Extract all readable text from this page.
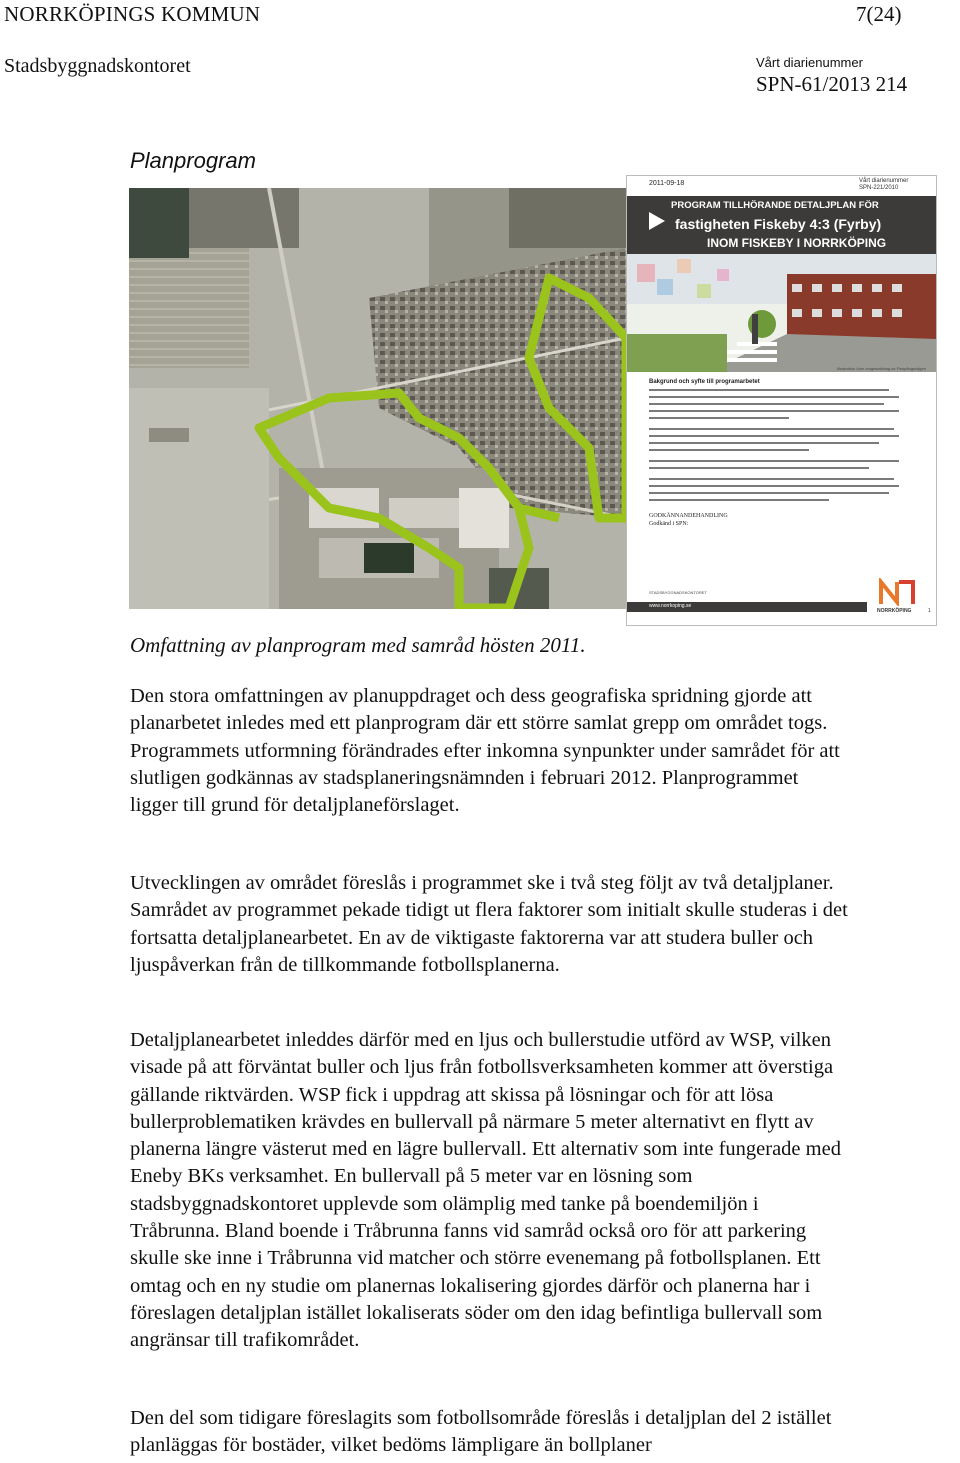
NORRKÖPINGS KOMMUN	7(24)
Stadsbyggnadskontoret	Vårt diarienummer
SPN-61/2013 214
Planprogram
2011-09-18	Vårt diarienummer
SPN-221/2010
PROGRAM TILLHÖRANDE DETALJPLAN FÖR
fastigheten Fiskeby 4:3 (Fyrby)
INOM FISKEBY I NORRKÖPING
Illustration över omgestaltning av Finspångsvägen
Bakgrund och syfte till programarbetet
GODKÄNNANDEHANDLING
Godkänd i SPN:
STADSBYGGNADSKONTORET
www.norrkoping.se
NORRKÖPING	1
Omfattning av planprogram med samråd hösten 2011.

Den stora omfattningen av planuppdraget och dess geografiska spridning gjorde att planarbetet inledes med ett planprogram där ett större samlat grepp om området togs. Programmets utformning förändrades efter inkomna synpunkter under samrådet för att slutligen godkännas av stadsplaneringsnämnden i februari 2012. Planprogrammet ligger till grund för detaljplaneförslaget.

Utvecklingen av området föreslås i programmet ske i två steg följt av två detaljplaner. Samrådet av programmet pekade tidigt ut flera faktorer som initialt skulle studeras i det fortsatta detaljplanearbetet. En av de viktigaste faktorerna var att studera buller och ljuspåverkan från de tillkommande fotbollsplanerna.

Detaljplanearbetet inleddes därför med en ljus och bullerstudie utförd av WSP, vilken visade på att förväntat buller och ljus från fotbollsverksamheten kommer att överstiga gällande riktvärden. WSP fick i uppdrag att skissa på lösningar och för att lösa bullerproblematiken krävdes en bullervall på närmare 5 meter alternativt en flytt av planerna längre västerut med en lägre bullervall. Ett alternativ som inte fungerade med Eneby BKs verksamhet. En bullervall på 5 meter var en lösning som stadsbyggnadskontoret upplevde som olämplig med tanke på boendemiljön i Tråbrunna. Bland boende i Tråbrunna fanns vid samråd också oro för att parkering skulle ske inne i Tråbrunna vid matcher och större evenemang på fotbollsplanen. Ett omtag och en ny studie om planernas lokalisering gjordes därför och planerna har i föreslagen detaljplan istället lokaliserats söder om den idag befintliga bullervall som angränsar till trafikområdet.

Den del som tidigare föreslagits som fotbollsområde föreslås i detaljplan del 2 istället planläggas för bostäder, vilket bedöms lämpligare än bollplaner
